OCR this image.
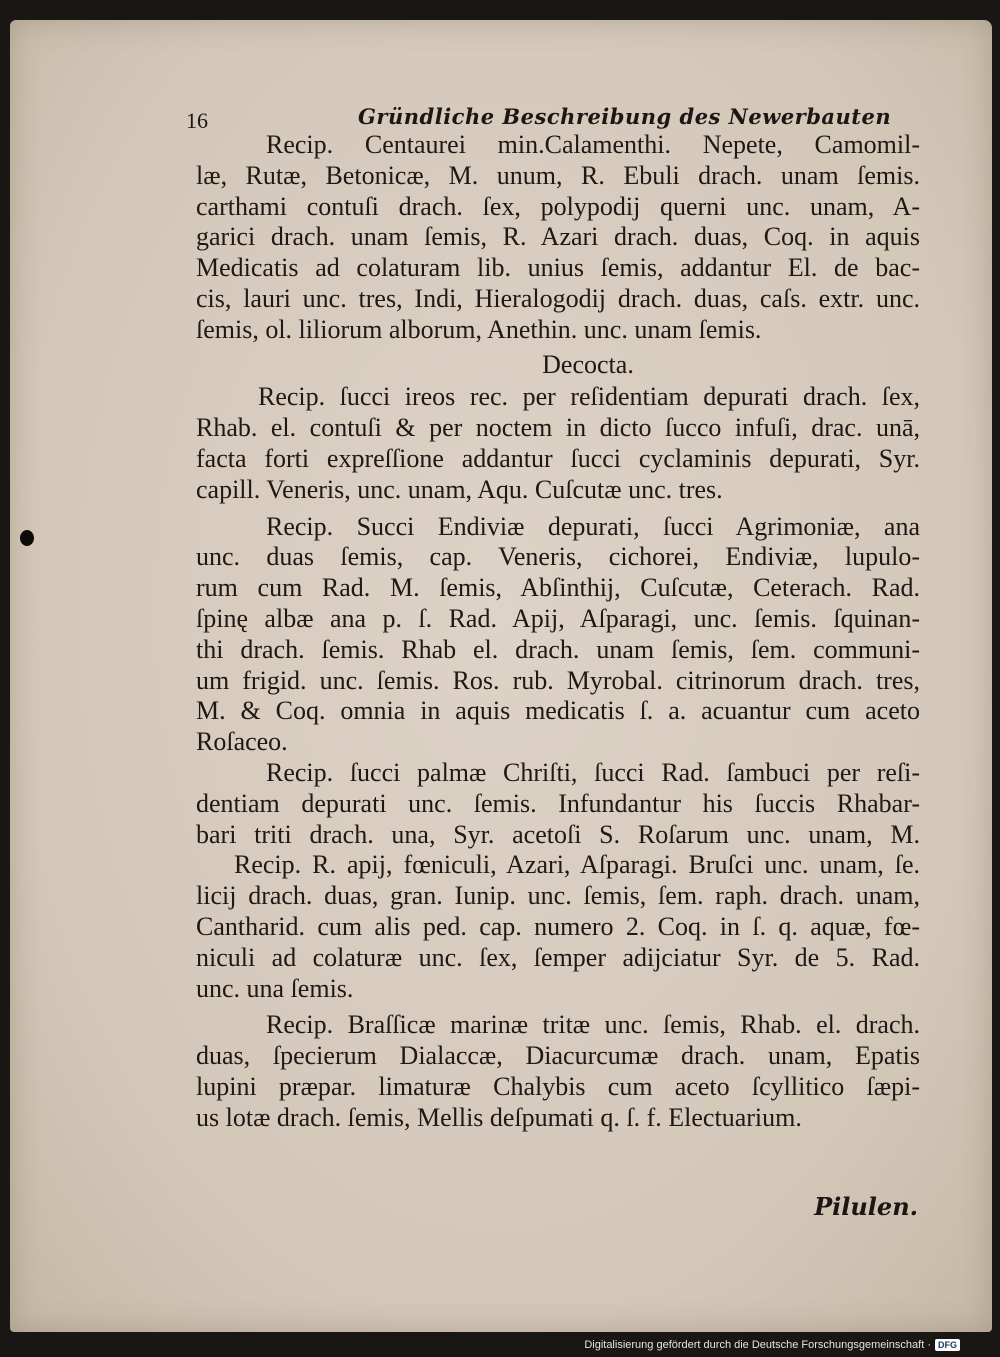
16	Gründliche Beschreibung des Newerbauten
Recip. Centaurei min.Calamenthi. Nepete, Camomil-
læ, Rutæ, Betonicæ, M. unum, R. Ebuli drach. unam ſemis.
carthami contuſi drach. ſex, polypodij querni unc. unam, A-
garici drach. unam ſemis, R. Azari drach. duas, Coq. in aquis
Medicatis ad colaturam lib. unius ſemis, addantur El. de bac-
cis, lauri unc. tres, Indi, Hieralogodij drach. duas, caſs. extr. unc.
ſemis, ol. liliorum alborum, Anethin. unc. unam ſemis.
Decocta.
Recip. ſucci ireos rec. per reſidentiam depurati drach. ſex,
Rhab. el. contuſi & per noctem in dicto ſucco infuſi, drac. unā,
facta forti expreſſione addantur ſucci cyclaminis depurati, Syr.
capill. Veneris, unc. unam, Aqu. Cuſcutæ unc. tres.
Recip. Succi Endiviæ depurati, ſucci Agrimoniæ, ana
unc. duas ſemis, cap. Veneris, cichorei, Endiviæ, lupulo-
rum cum Rad. M. ſemis, Abſinthij, Cuſcutæ, Ceterach. Rad.
ſpinę albæ ana p. ſ. Rad. Apij, Aſparagi, unc. ſemis. ſquinan-
thi drach. ſemis. Rhab el. drach. unam ſemis, ſem. communi-
um frigid. unc. ſemis. Ros. rub. Myrobal. citrinorum drach. tres,
M. & Coq. omnia in aquis medicatis ſ. a. acuantur cum aceto
Roſaceo.
Recip. ſucci palmæ Chriſti, ſucci Rad. ſambuci per reſi-
dentiam depurati unc. ſemis. Infundantur his ſuccis Rhabar-
bari triti drach. una, Syr. acetoſi S. Roſarum unc. unam, M.
Recip. R. apij, fœniculi, Azari, Aſparagi. Bruſci unc. unam, ſe.
licij drach. duas, gran. Iunip. unc. ſemis, ſem. raph. drach. unam,
Cantharid. cum alis ped. cap. numero 2. Coq. in ſ. q. aquæ, fœ-
niculi ad colaturæ unc. ſex, ſemper adijciatur Syr. de 5. Rad.
unc. una ſemis.
Recip. Braſſicæ marinæ tritæ unc. ſemis, Rhab. el. drach.
duas, ſpecierum Dialaccæ, Diacurcumæ drach. unam, Epatis
lupini præpar. limaturæ Chalybis cum aceto ſcyllitico ſæpi-
us lotæ drach. ſemis, Mellis deſpumati q. ſ. f. Electuarium.
Pilulen.
Digitalisierung gefördert durch die Deutsche Forschungsgemeinschaft · DFG
